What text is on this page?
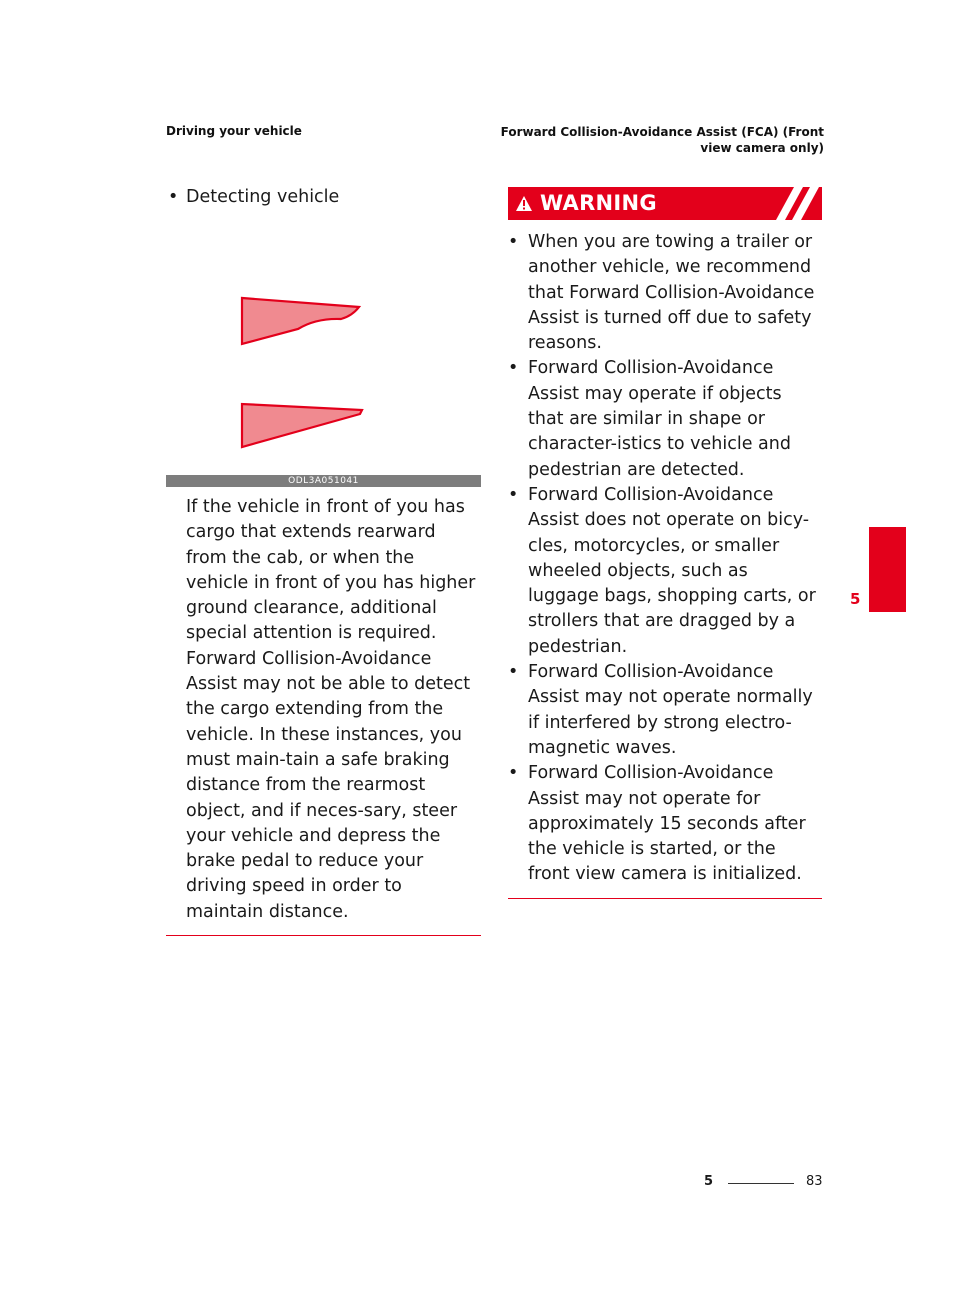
Driving your vehicle	Forward Collision-Avoidance Assist (FCA) (Front
view camera only)
• Detecting vehicle
ODL3A051041
If the vehicle in front of you has cargo that extends rearward from the cab, or when the vehicle in front of you has higher ground clearance, additional special attention is required. Forward Collision-Avoidance Assist may not be able to detect the cargo extending from the vehicle. In these instances, you must main-tain a safe braking distance from the rearmost object, and if neces-sary, steer your vehicle and depress the brake pedal to reduce your driving speed in order to maintain distance.
WARNING
• When you are towing a trailer or another vehicle, we recommend that Forward Collision-Avoidance Assist is turned off due to safety reasons.
• Forward Collision-Avoidance Assist may operate if objects that are similar in shape or character-istics to vehicle and pedestrian are detected.
• Forward Collision-Avoidance Assist does not operate on bicy-cles, motorcycles, or smaller wheeled objects, such as luggage bags, shopping carts, or strollers that are dragged by a pedestrian.
• Forward Collision-Avoidance Assist may not operate normally if interfered by strong electro-magnetic waves.
• Forward Collision-Avoidance Assist may not operate for approximately 15 seconds after the vehicle is started, or the front view camera is initialized.
5
5	83
